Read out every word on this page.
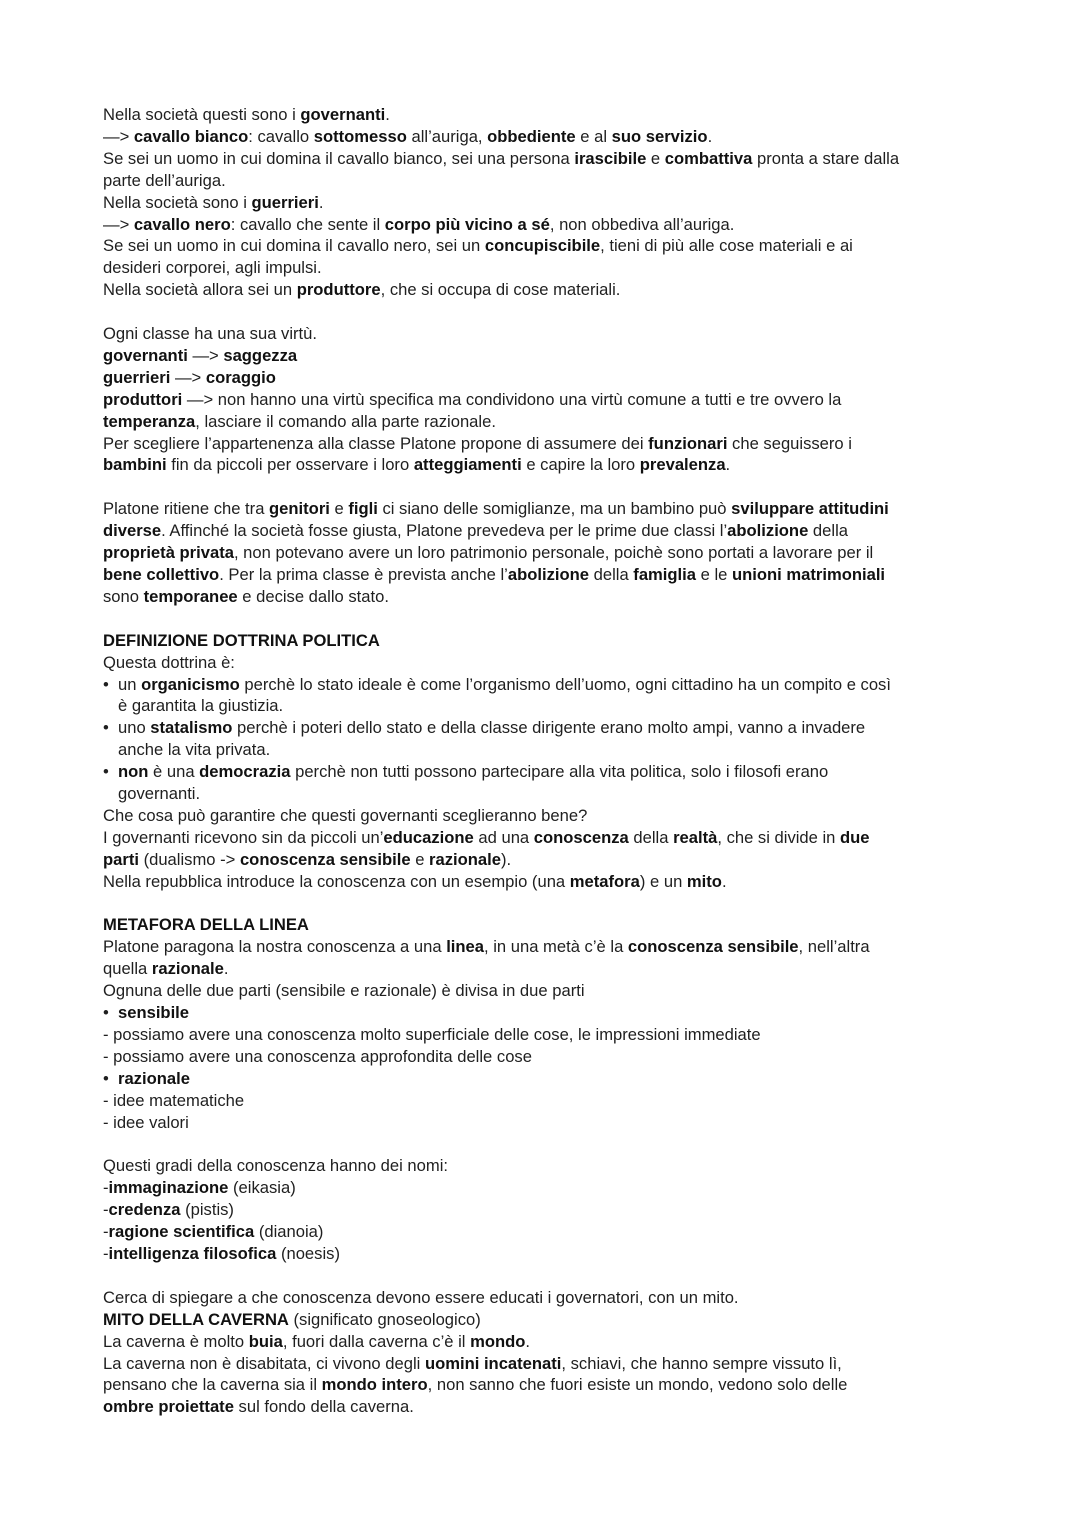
Nella società questi sono i governanti.
—> cavallo bianco: cavallo sottomesso all’auriga, obbediente e al suo servizio.
Se sei un uomo in cui domina il cavallo bianco, sei una persona irascibile e combattiva pronta a stare dalla
parte dell’auriga.
Nella società sono i guerrieri.
—> cavallo nero: cavallo che sente il corpo più vicino a sé, non obbediva all’auriga.
Se sei un uomo in cui domina il cavallo nero, sei un concupiscibile, tieni di più alle cose materiali e ai
desideri corporei, agli impulsi.
Nella società allora sei un produttore, che si occupa di cose materiali.
Ogni classe ha una sua virtù.
governanti —> saggezza
guerrieri —> coraggio
produttori —> non hanno una virtù specifica ma condividono una virtù comune a tutti e tre ovvero la
temperanza, lasciare il comando alla parte razionale.
Per scegliere l’appartenenza alla classe Platone propone di assumere dei funzionari che seguissero i
bambini fin da piccoli per osservare i loro atteggiamenti e capire la loro prevalenza.
Platone ritiene che tra genitori e figli ci siano delle somiglianze, ma un bambino può sviluppare attitudini
diverse. Affinché la società fosse giusta, Platone prevedeva per le prime due classi l’abolizione della
proprietà privata, non potevano avere un loro patrimonio personale, poichè sono portati a lavorare per il
bene collettivo. Per la prima classe è prevista anche l’abolizione della famiglia e le unioni matrimoniali
sono temporanee e decise dallo stato.
DEFINIZIONE DOTTRINA POLITICA
Questa dottrina è:
• un organicismo perchè lo stato ideale è come l’organismo dell’uomo, ogni cittadino ha un compito e così
è garantita la giustizia.
• uno statalismo perchè i poteri dello stato e della classe dirigente erano molto ampi, vanno a invadere
anche la vita privata.
• non è una democrazia perchè non tutti possono partecipare alla vita politica, solo i filosofi erano
governanti.
Che cosa può garantire che questi governanti sceglieranno bene?
I governanti ricevono sin da piccoli un’educazione ad una conoscenza della realtà, che si divide in due
parti (dualismo -> conoscenza sensibile e razionale).
Nella repubblica introduce la conoscenza con un esempio (una metafora) e un mito.
METAFORA DELLA LINEA
Platone paragona la nostra conoscenza a una linea, in una metà c’è la conoscenza sensibile, nell’altra
quella razionale.
Ognuna delle due parti (sensibile e razionale) è divisa in due parti
• sensibile
- possiamo avere una conoscenza molto superficiale delle cose, le impressioni immediate
- possiamo avere una conoscenza approfondita delle cose
• razionale
- idee matematiche
- idee valori
Questi gradi della conoscenza hanno dei nomi:
-immaginazione (eikasia)
-credenza (pistis)
-ragione scientifica (dianoia)
-intelligenza filosofica (noesis)
Cerca di spiegare a che conoscenza devono essere educati i governatori, con un mito.
MITO DELLA CAVERNA (significato gnoseologico)
La caverna è molto buia, fuori dalla caverna c’è il mondo.
La caverna non è disabitata, ci vivono degli uomini incatenati, schiavi, che hanno sempre vissuto lì,
pensano che la caverna sia il mondo intero, non sanno che fuori esiste un mondo, vedono solo delle
ombre proiettate sul fondo della caverna.
